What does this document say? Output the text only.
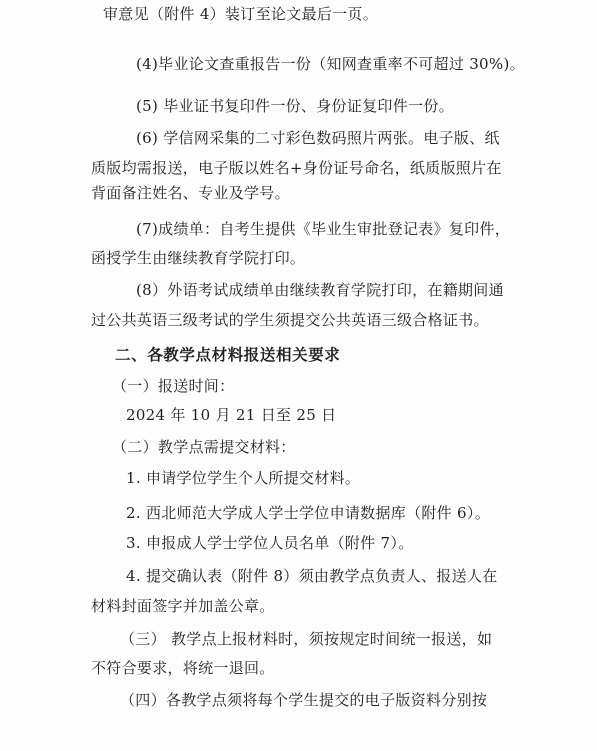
审意见（附件 4）装订至论文最后一页。
(4)毕业论文查重报告一份（知网查重率不可超过 30%)。
(5) 毕业证书复印件一份、身份证复印件一份。
(6) 学信网采集的二寸彩色数码照片两张。电子版、纸
质版均需报送，电子版以姓名+身份证号命名，纸质版照片在
背面备注姓名、专业及学号。
(7)成绩单：自考生提供《毕业生审批登记表》复印件，
函授学生由继续教育学院打印。
(8）外语考试成绩单由继续教育学院打印，在籍期间通
过公共英语三级考试的学生须提交公共英语三级合格证书。
二、各教学点材料报送相关要求
（一）报送时间：
2024 年 10 月 21 日至 25 日
（二）教学点需提交材料：
1. 申请学位学生个人所提交材料。
2. 西北师范大学成人学士学位申请数据库（附件 6）。
3. 申报成人学士学位人员名单（附件 7）。
4. 提交确认表（附件 8）须由教学点负责人、报送人在
材料封面签字并加盖公章。
（三） 教学点上报材料时，须按规定时间统一报送，如
不符合要求，将统一退回。
（四）各教学点须将每个学生提交的电子版资料分别按
